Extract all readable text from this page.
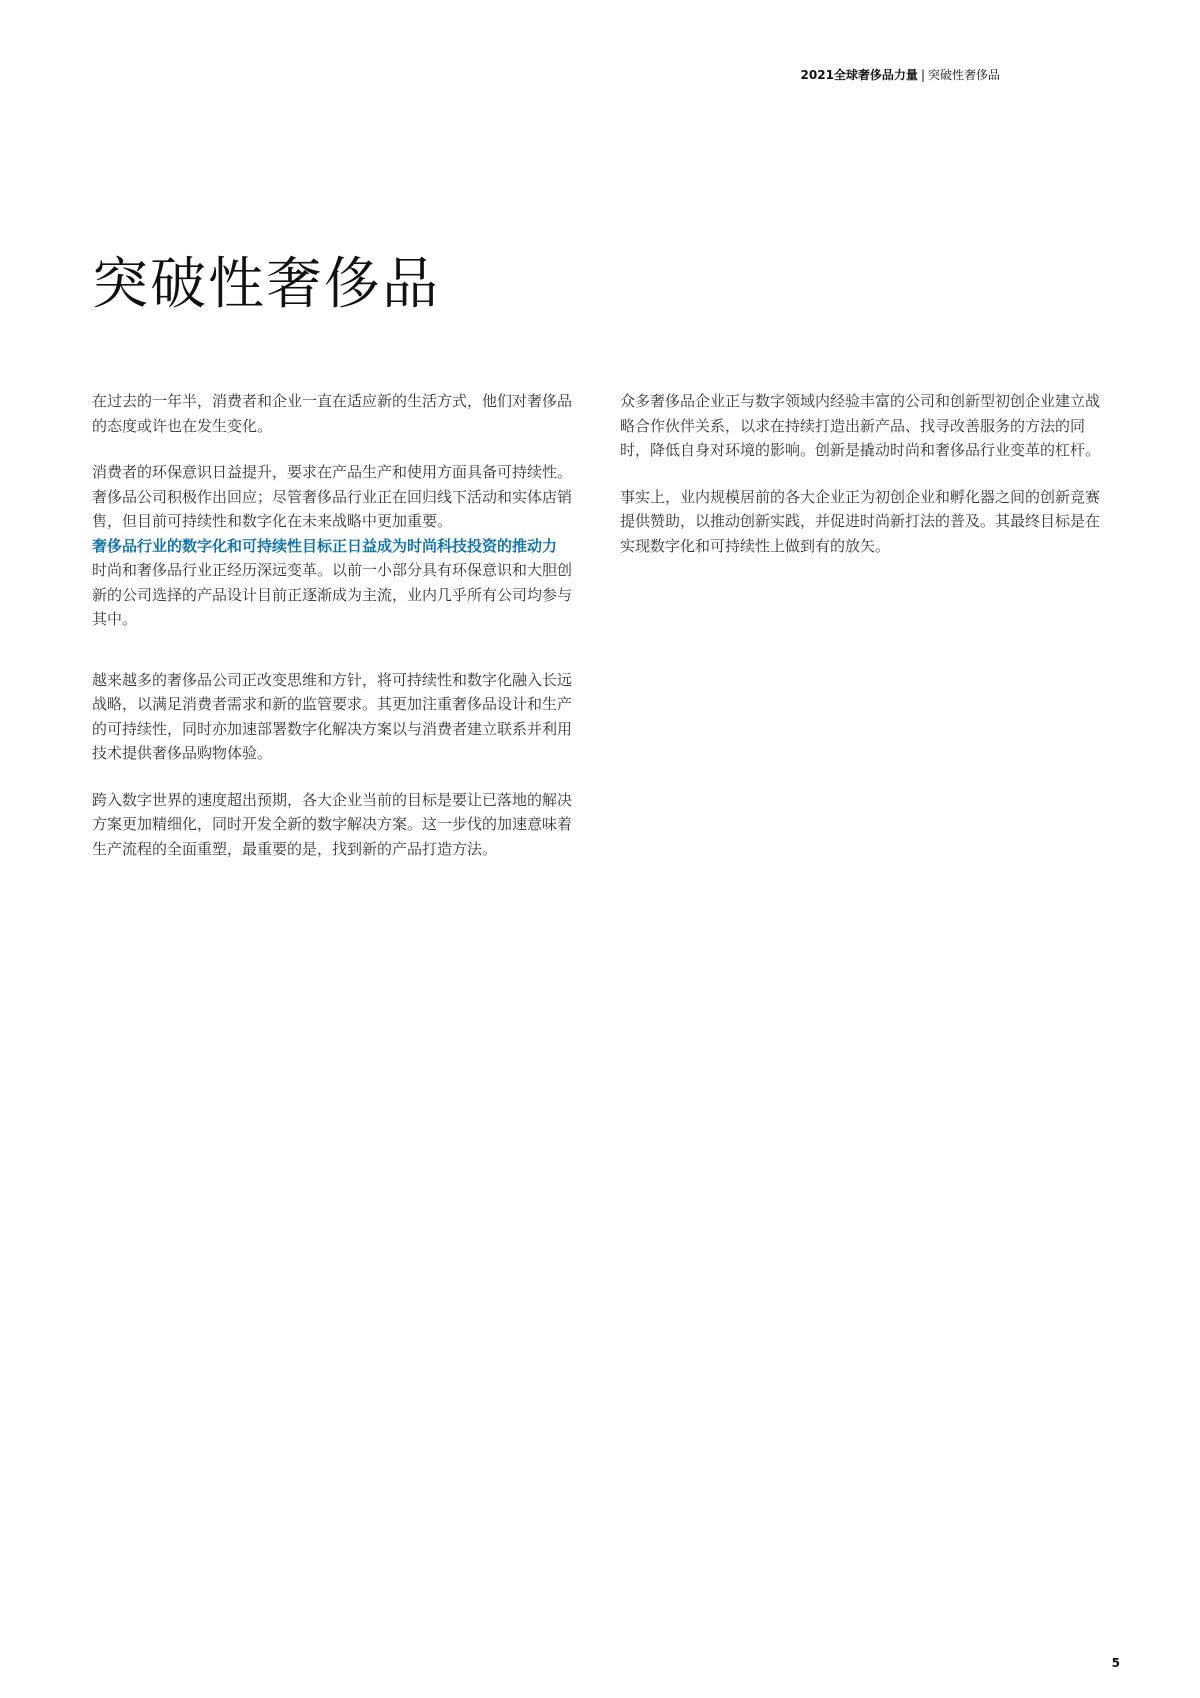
2021全球奢侈品力量 | 突破性奢侈品
突破性奢侈品

在过去的一年半，消费者和企业一直在适应新的生活方式，他们对奢侈品的态度或许也在发生变化。

消费者的环保意识日益提升，要求在产品生产和使用方面具备可持续性。奢侈品公司积极作出回应；尽管奢侈品行业正在回归线下活动和实体店销售，但目前可持续性和数字化在未来战略中更加重要。

奢侈品行业的数字化和可持续性目标正日益成为时尚科技投资的推动力

时尚和奢侈品行业正经历深远变革。以前一小部分具有环保意识和大胆创新的公司选择的产品设计目前正逐渐成为主流，业内几乎所有公司均参与其中。

越来越多的奢侈品公司正改变思维和方针，将可持续性和数字化融入长远战略，以满足消费者需求和新的监管要求。其更加注重奢侈品设计和生产的可持续性，同时亦加速部署数字化解决方案以与消费者建立联系并利用技术提供奢侈品购物体验。

跨入数字世界的速度超出预期，各大企业当前的目标是要让已落地的解决方案更加精细化，同时开发全新的数字解决方案。这一步伐的加速意味着生产流程的全面重塑，最重要的是，找到新的产品打造方法。

众多奢侈品企业正与数字领域内经验丰富的公司和创新型初创企业建立战略合作伙伴关系，以求在持续打造出新产品、找寻改善服务的方法的同时，降低自身对环境的影响。创新是撬动时尚和奢侈品行业变革的杠杆。

事实上，业内规模居前的各大企业正为初创企业和孵化器之间的创新竞赛提供赞助，以推动创新实践，并促进时尚新打法的普及。其最终目标是在实现数字化和可持续性上做到有的放矢。

5
